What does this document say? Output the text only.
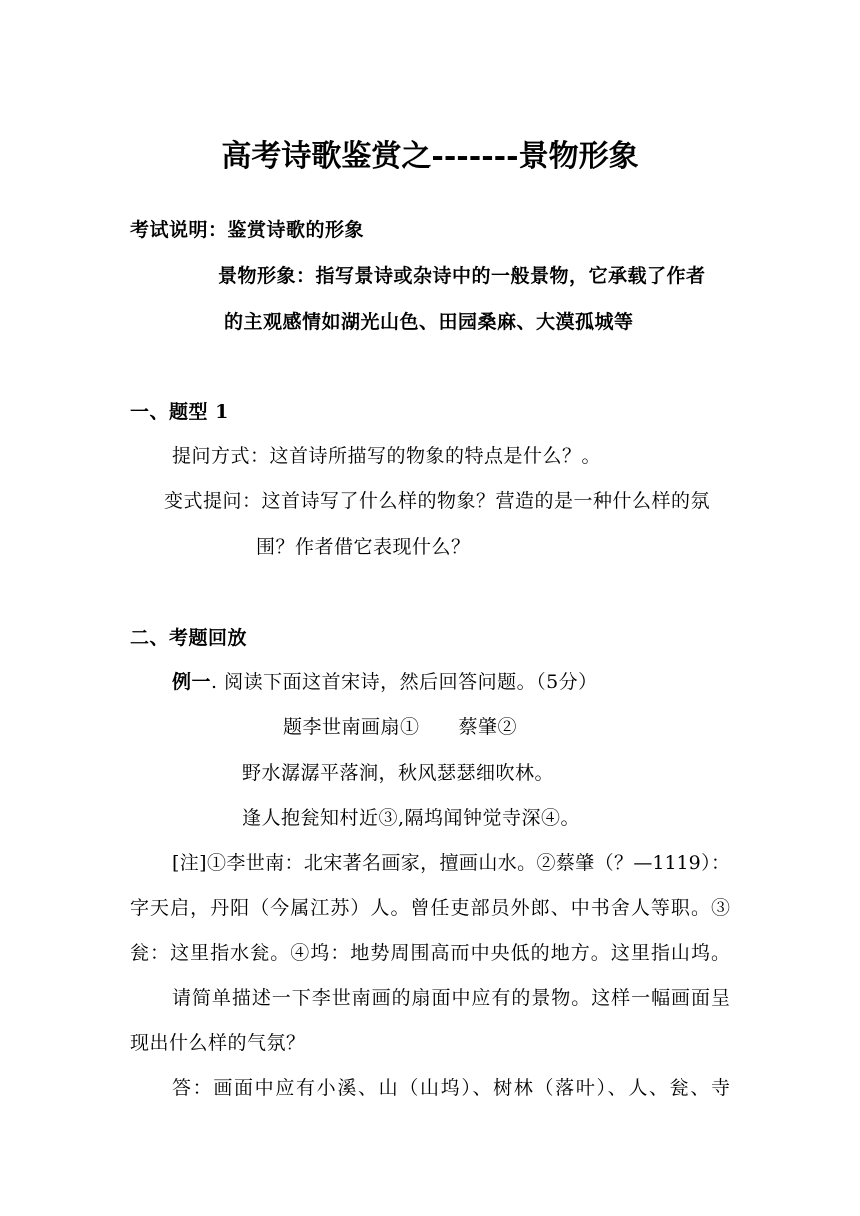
高考诗歌鉴赏之-------景物形象
考试说明：鉴赏诗歌的形象
景物形象：指写景诗或杂诗中的一般景物，它承载了作者
的主观感情如湖光山色、田园桑麻、大漠孤城等
一、题型 1
提问方式：这首诗所描写的物象的特点是什么？。
变式提问：这首诗写了什么样的物象？营造的是一种什么样的氛
围？作者借它表现什么？
二、考题回放
例一. 阅读下面这首宋诗，然后回答问题。（5分）
题李世南画扇①　　蔡肇②
野水潺潺平落涧，秋风瑟瑟细吹林。
逢人抱瓮知村近③,隔坞闻钟觉寺深④。
[注]①李世南：北宋著名画家，擅画山水。②蔡肇（？—1119）：
字天启，丹阳（今属江苏）人。曾任吏部员外郎、中书舍人等职。③
瓮：这里指水瓮。④坞：地势周围高而中央低的地方。这里指山坞。
请简单描述一下李世南画的扇面中应有的景物。这样一幅画面呈
现出什么样的气氛？
答：画面中应有小溪、山（山坞）、树林（落叶）、人、瓮、寺
